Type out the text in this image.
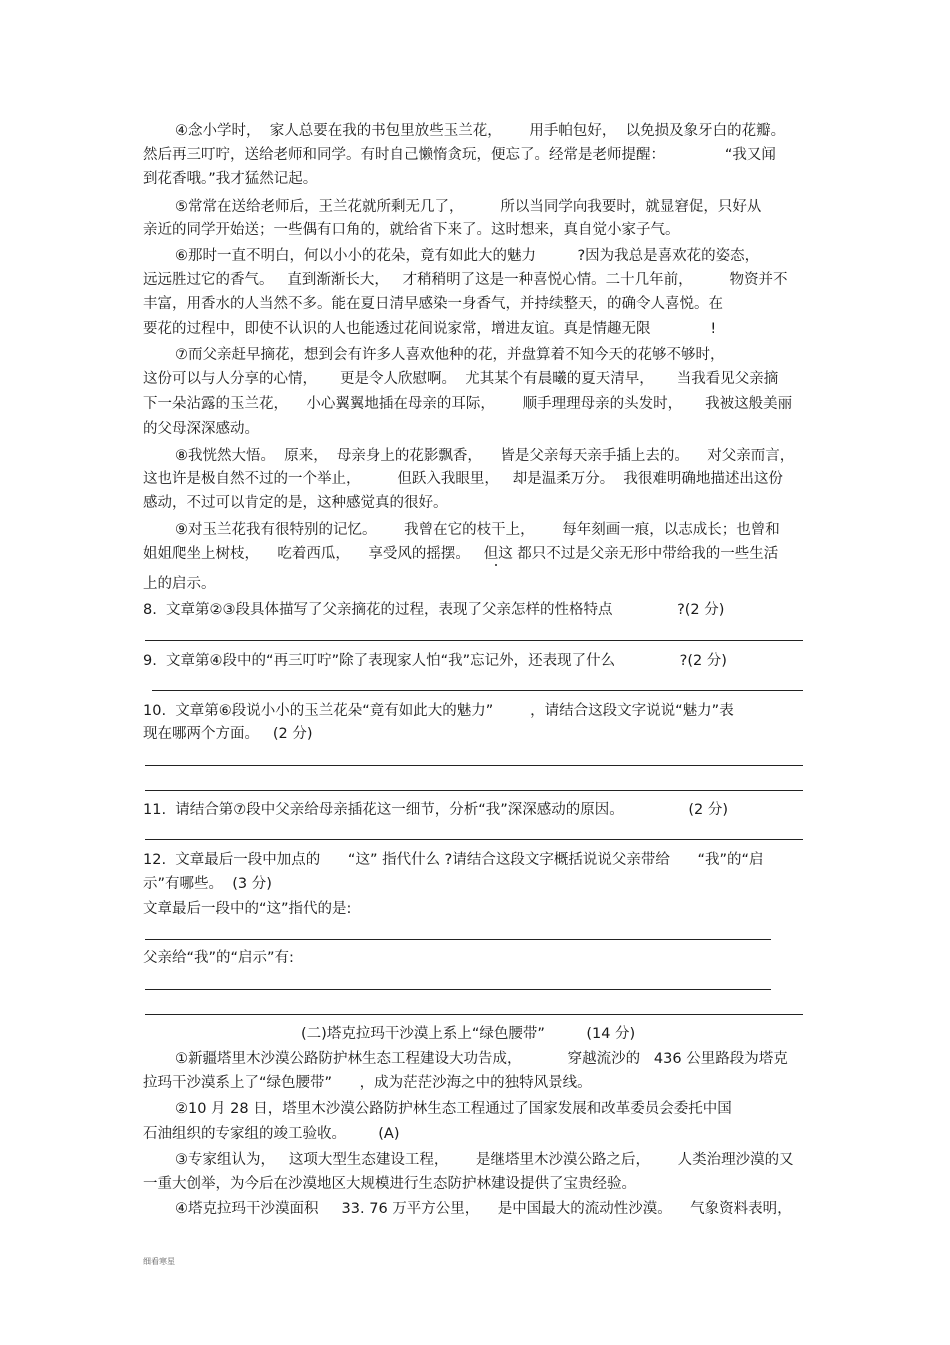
④念小学时，  家人总要在我的书包里放些玉兰花，      用手帕包好，  以免损及象牙白的花瓣。
然后再三叮咛，送给老师和同学。有时自己懒惰贪玩，便忘了。经常是老师提醒：             “我又闻
到花香哦。”我才猛然记起。
⑤常常在送给老师后，王兰花就所剩无几了，        所以当同学向我要时，就显窘促，只好从
亲近的同学开始送；一些偶有口角的，就给省下来了。这时想来，真自觉小家子气。
⑥那时一直不明白，何以小小的花朵，竟有如此大的魅力         ?因为我总是喜欢花的姿态，
远远胜过它的香气。   直到渐渐长大，   才稍稍明了这是一种喜悦心情。二十几年前，        物资并不
丰富，用香水的人当然不多。能在夏日清早感染一身香气，并持续整天，的确令人喜悦。在
要花的过程中，即使不认识的人也能透过花间说家常，增进友谊。真是情趣无限             !
⑦而父亲赶早摘花，想到会有许多人喜欢他种的花，并盘算着不知今天的花够不够时，
这份可以与人分享的心情，     更是令人欣慰啊。  尤其某个有晨曦的夏天清早，     当我看见父亲摘
下一朵沾露的玉兰花，    小心翼翼地插在母亲的耳际，      顺手理理母亲的头发时，     我被这般美丽
的父母深深感动。
⑧我恍然大悟。  原来，  母亲身上的花影飘香，    皆是父亲每天亲手插上去的。    对父亲而言，
这也许是极自然不过的一个举止，        但跃入我眼里，   却是温柔万分。  我很难明确地描述出这份
感动，不过可以肯定的是，这种感觉真的很好。
⑨对玉兰花我有很特别的记忆。      我曾在它的枝干上，      每年刻画一痕，以志成长；也曾和
姐姐爬坐上树枝，    吃着西瓜，    享受风的摇摆。   但这 都只不过是父亲无形中带给我的一些生活
上的启示。
8.  文章第②③段具体描写了父亲摘花的过程，表现了父亲怎样的性格特点              ?(2 分)
9.  文章第④段中的“再三叮咛”除了表现家人怕“我”忘记外，还表现了什么              ?(2 分)
10.  文章第⑥段说小小的玉兰花朵“竟有如此大的魅力”        ，请结合这段文字说说“魅力”表
现在哪两个方面。   (2 分)
11.  请结合第⑦段中父亲给母亲插花这一细节，分析“我”深深感动的原因。              (2 分)
12.  文章最后一段中加点的      “这” 指代什么 ?请结合这段文字概括说说父亲带给      “我”的“启
示”有哪些。  (3 分)
文章最后一段中的“这”指代的是:
父亲给“我”的“启示”有:
(二)塔克拉玛干沙漠上系上“绿色腰带”         (14 分)
①新疆塔里木沙漠公路防护林生态工程建设大功告成，          穿越流沙的   436 公里路段为塔克
拉玛干沙漠系上了“绿色腰带”      ，成为茫茫沙海之中的独特风景线。
②10 月 28 日，塔里木沙漠公路防护林生态工程通过了国家发展和改革委员会委托中国
石油组织的专家组的竣工验收。       (A)
③专家组认为，   这项大型生态建设工程，      是继塔里木沙漠公路之后，      人类治理沙漠的又
一重大创举，为今后在沙漠地区大规模进行生态防护林建设提供了宝贵经验。
④塔克拉玛干沙漠面积     33. 76 万平方公里，    是中国最大的流动性沙漠。    气象资料表明，
细看寒星
